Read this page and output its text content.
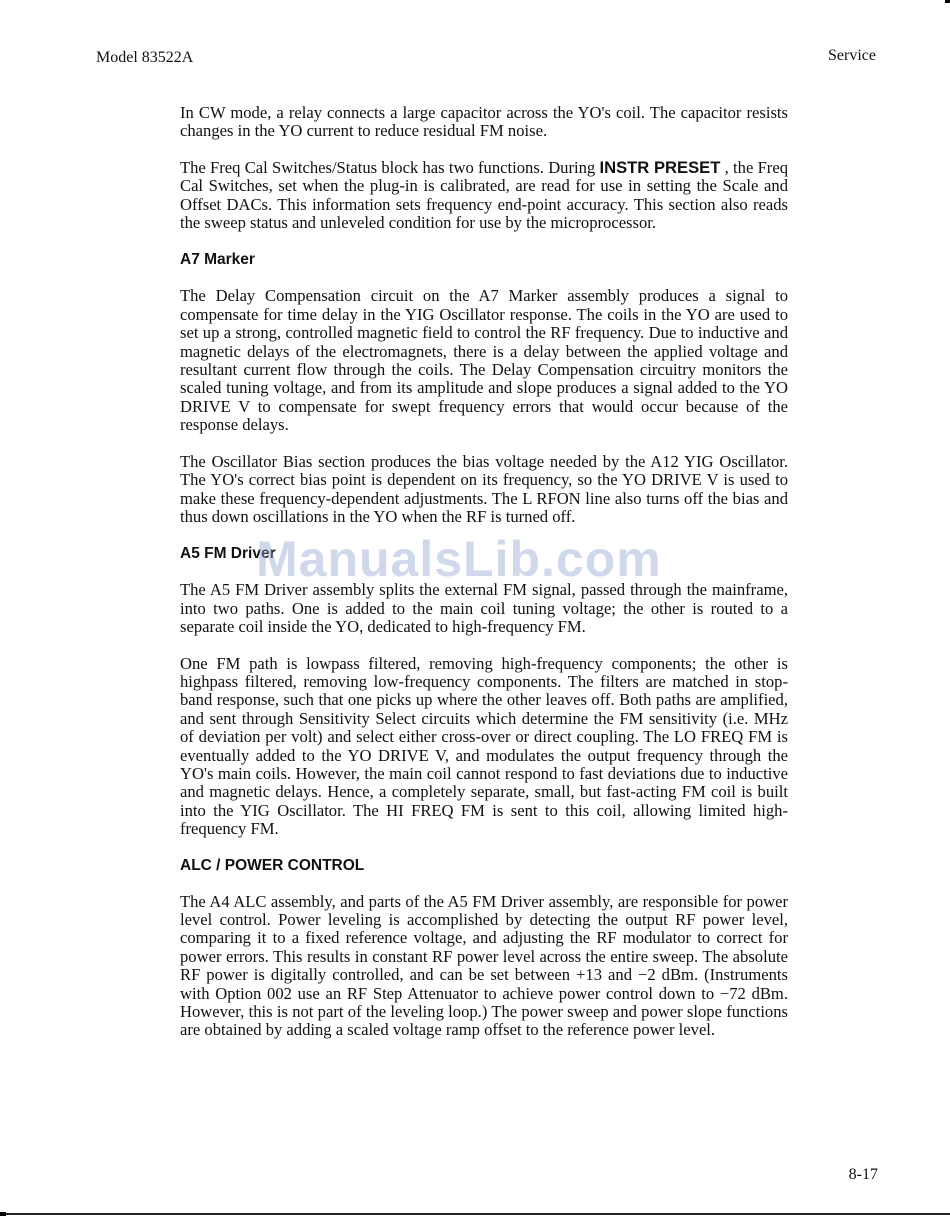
Model 83522A	Service

In CW mode, a relay connects a large capacitor across the YO's coil. The capacitor resists changes in the YO current to reduce residual FM noise.

The Freq Cal Switches/Status block has two functions. During INSTR PRESET , the Freq Cal Switches, set when the plug-in is calibrated, are read for use in setting the Scale and Offset DACs. This information sets frequency end-point accuracy. This section also reads the sweep status and unleveled condition for use by the microprocessor.

A7 Marker

The Delay Compensation circuit on the A7 Marker assembly produces a signal to compensate for time delay in the YIG Oscillator response. The coils in the YO are used to set up a strong, controlled magnetic field to control the RF frequency. Due to inductive and magnetic delays of the electromagnets, there is a delay between the applied voltage and resultant current flow through the coils. The Delay Compensation circuitry monitors the scaled tuning voltage, and from its amplitude and slope produces a signal added to the YO DRIVE V to compensate for swept frequency errors that would occur because of the response delays.

The Oscillator Bias section produces the bias voltage needed by the A12 YIG Oscillator. The YO's correct bias point is dependent on its frequency, so the YO DRIVE V is used to make these frequency-dependent adjustments. The L RFON line also turns off the bias and thus down oscillations in the YO when the RF is turned off.

A5 FM Driver

The A5 FM Driver assembly splits the external FM signal, passed through the mainframe, into two paths. One is added to the main coil tuning voltage; the other is routed to a separate coil inside the YO, dedicated to high-frequency FM.

One FM path is lowpass filtered, removing high-frequency components; the other is highpass filtered, removing low-frequency components. The filters are matched in stop-band response, such that one picks up where the other leaves off. Both paths are amplified, and sent through Sensitivity Select circuits which determine the FM sensitivity (i.e. MHz of deviation per volt) and select either cross-over or direct coupling. The LO FREQ FM is eventually added to the YO DRIVE V, and modulates the output frequency through the YO's main coils. However, the main coil cannot respond to fast deviations due to inductive and magnetic delays. Hence, a completely separate, small, but fast-acting FM coil is built into the YIG Oscillator. The HI FREQ FM is sent to this coil, allowing limited high-frequency FM.

ALC / POWER CONTROL

The A4 ALC assembly, and parts of the A5 FM Driver assembly, are responsible for power level control. Power leveling is accomplished by detecting the output RF power level, comparing it to a fixed reference voltage, and adjusting the RF modulator to correct for power errors. This results in constant RF power level across the entire sweep. The absolute RF power is digitally controlled, and can be set between +13 and −2 dBm. (Instruments with Option 002 use an RF Step Attenuator to achieve power control down to −72 dBm. However, this is not part of the leveling loop.) The power sweep and power slope functions are obtained by adding a scaled voltage ramp offset to the reference power level.

ManualsLib.com
8-17
